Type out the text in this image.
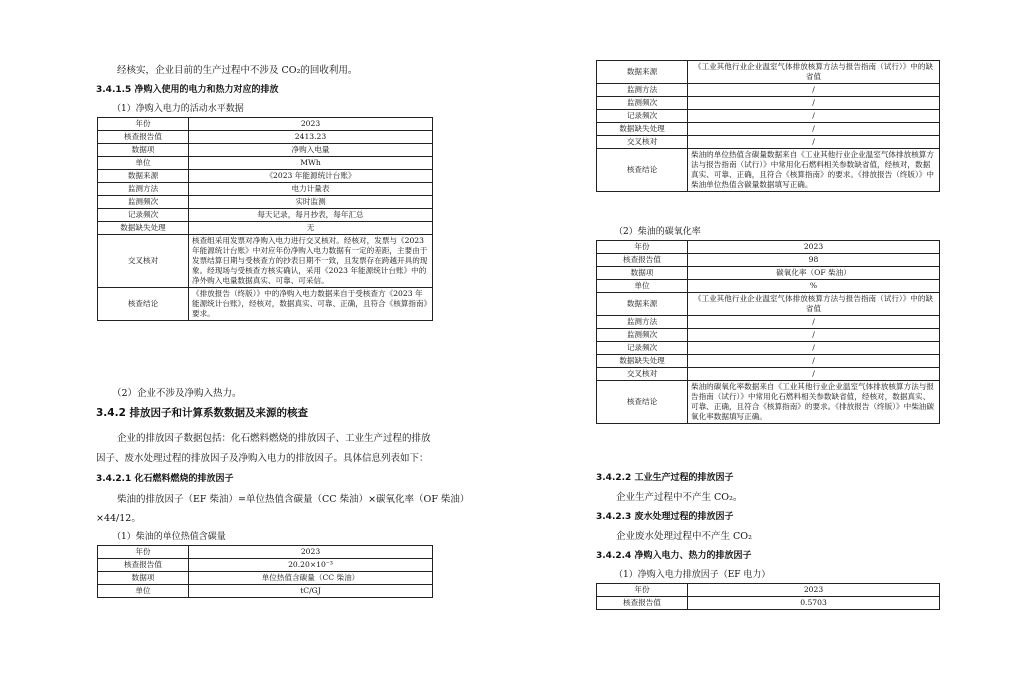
经核实，企业目前的生产过程中不涉及 CO₂的回收利用。
3.4.1.5 净购入使用的电力和热力对应的排放
（1）净购入电力的活动水平数据
年份	2023
核查报告值	2413.23
数据项	净购入电量
单位	MWh
数据来源	《2023 年能源统计台账》
监测方法	电力计量表
监测频次	实时监测
记录频次	每天记录，每月抄表，每年汇总
数据缺失处理	无
交叉核对	核查组采用发票对净购入电力进行交叉核对。经核对，发票与《2023 年能源统计台账》中对应年份净购入电力数据有一定的差距，主要由于发票结算日期与受核查方的抄表日期不一致，且发票存在跨越开具的现象。经现场与受核查方核实确认，采用《2023 年能源统计台账》中的净外购入电量数据真实、可靠、可采信。
核查结论	《排放报告（终版）》中的净购入电力数据来自于受核查方《2023 年能源统计台账》，经核对，数据真实、可靠、正确，且符合《核算指南》要求。
（2）企业不涉及净购入热力。
3.4.2 排放因子和计算系数数据及来源的核查
企业的排放因子数据包括：化石燃料燃烧的排放因子、工业生产过程的排放
因子、废水处理过程的排放因子及净购入电力的排放因子。具体信息列表如下：
3.4.2.1 化石燃料燃烧的排放因子
柴油的排放因子（EF 柴油）=单位热值含碳量（CC 柴油）×碳氧化率（OF 柴油）
×44/12。
（1）柴油的单位热值含碳量
年份	2023
核查报告值	20.20×10⁻³
数据项	单位热值含碳量（CC 柴油）
单位	tC/GJ
数据来源	《工业其他行业企业温室气体排放核算方法与报告指南（试行）》中的缺省值
监测方法	/
监测频次	/
记录频次	/
数据缺失处理	/
交叉核对	/
核查结论	柴油的单位热值含碳量数据来自《工业其他行业企业温室气体排放核算方法与报告指南（试行）》中常用化石燃料相关参数缺省值，经核对，数据真实、可靠、正确，且符合《核算指南》的要求。《排放报告（终版）》中柴油单位热值含碳量数据填写正确。
（2）柴油的碳氧化率
年份	2023
核查报告值	98
数据项	碳氧化率（OF 柴油）
单位	%
数据来源	《工业其他行业企业温室气体排放核算方法与报告指南（试行）》中的缺省值
监测方法	/
监测频次	/
记录频次	/
数据缺失处理	/
交叉核对	/
核查结论	柴油的碳氧化率数据来自《工业其他行业企业温室气体排放核算方法与报告指南（试行）》中常用化石燃料相关参数缺省值，经核对，数据真实、可靠、正确，且符合《核算指南》的要求。《排放报告（终版）》中柴油碳氧化率数据填写正确。
3.4.2.2 工业生产过程的排放因子
企业生产过程中不产生 CO₂。
3.4.2.3 废水处理过程的排放因子
企业废水处理过程中不产生 CO₂
3.4.2.4 净购入电力、热力的排放因子
（1）净购入电力排放因子（EF 电力）
年份	2023
核查报告值	0.5703
